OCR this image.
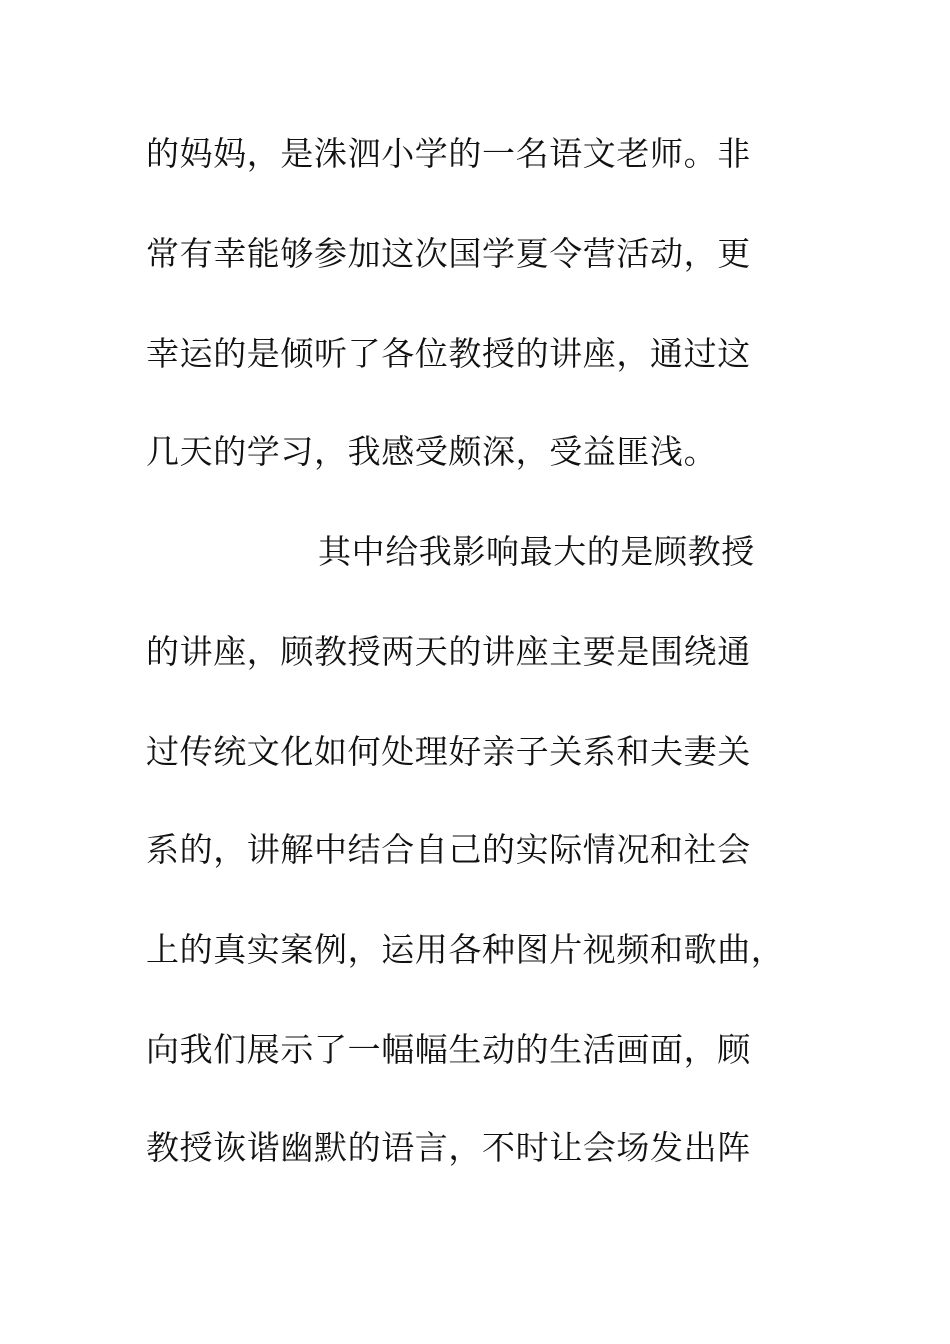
的妈妈，是洙泗小学的一名语文老师。非
常有幸能够参加这次国学夏令营活动，更
幸运的是倾听了各位教授的讲座，通过这
几天的学习，我感受颇深，受益匪浅。
其中给我影响最大的是顾教授
的讲座，顾教授两天的讲座主要是围绕通
过传统文化如何处理好亲子关系和夫妻关
系的，讲解中结合自己的实际情况和社会
上的真实案例，运用各种图片视频和歌曲，
向我们展示了一幅幅生动的生活画面，顾
教授诙谐幽默的语言，不时让会场发出阵
